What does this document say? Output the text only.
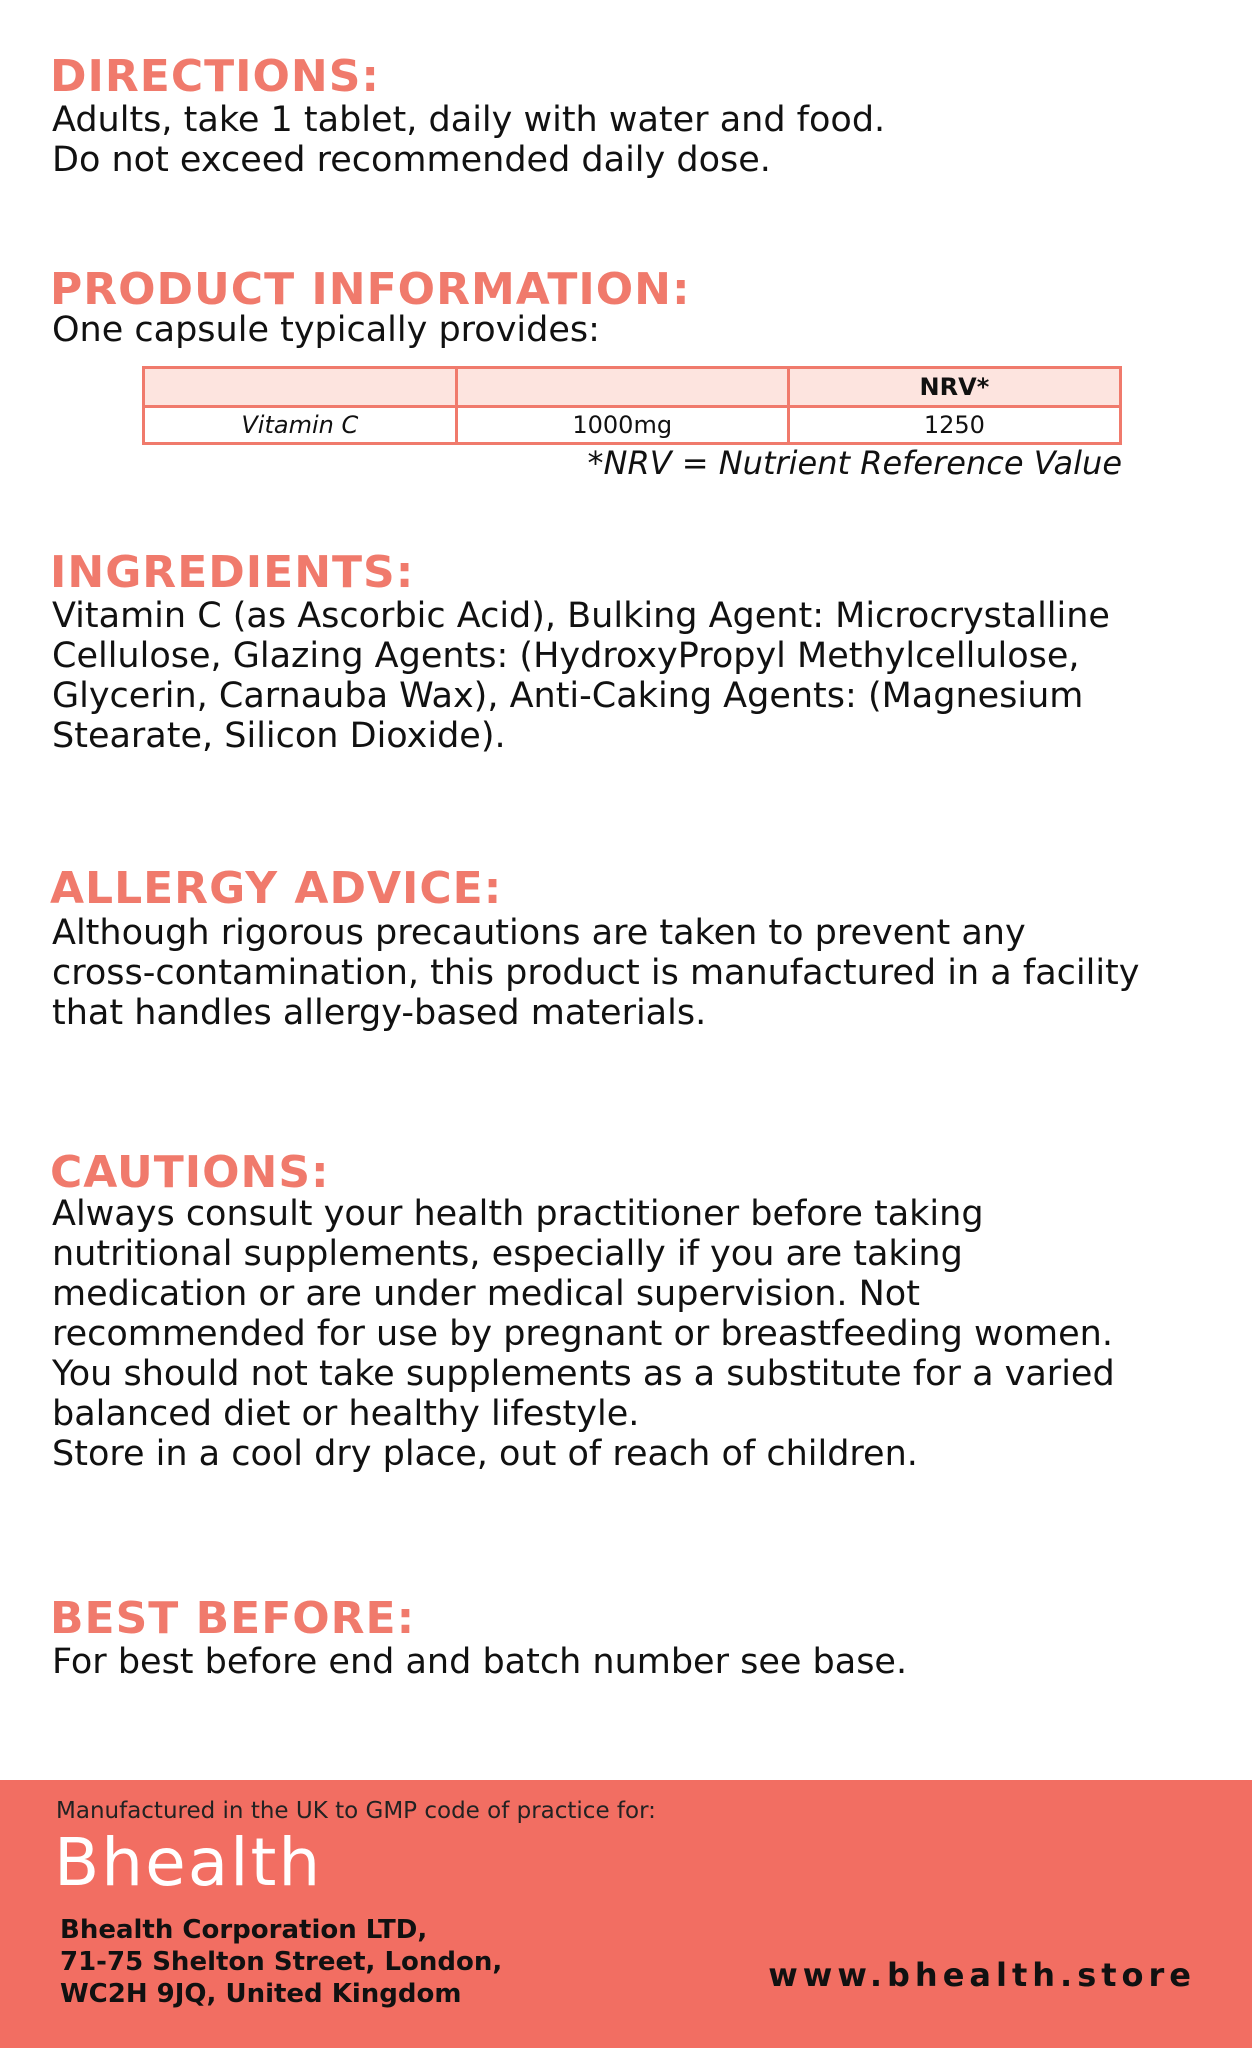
DIRECTIONS:
Adults, take 1 tablet, daily with water and food.
Do not exceed recommended daily dose.
PRODUCT INFORMATION:
One capsule typically provides:
		NRV*
Vitamin C	1000mg	1250
*NRV = Nutrient Reference Value
INGREDIENTS:
Vitamin C (as Ascorbic Acid), Bulking Agent: Microcrystalline
Cellulose, Glazing Agents: (HydroxyPropyl Methylcellulose,
Glycerin, Carnauba Wax), Anti-Caking Agents: (Magnesium
Stearate, Silicon Dioxide).
ALLERGY ADVICE:
Although rigorous precautions are taken to prevent any
cross-contamination, this product is manufactured in a facility
that handles allergy-based materials.
CAUTIONS:
Always consult your health practitioner before taking
nutritional supplements, especially if you are taking
medication or are under medical supervision. Not
recommended for use by pregnant or breastfeeding women.
You should not take supplements as a substitute for a varied
balanced diet or healthy lifestyle.
Store in a cool dry place, out of reach of children.
BEST BEFORE:
For best before end and batch number see base.
Manufactured in the UK to GMP code of practice for:
Bhealth
Bhealth Corporation LTD,
71-75 Shelton Street, London,
WC2H 9JQ, United Kingdom	www.bhealth.store
